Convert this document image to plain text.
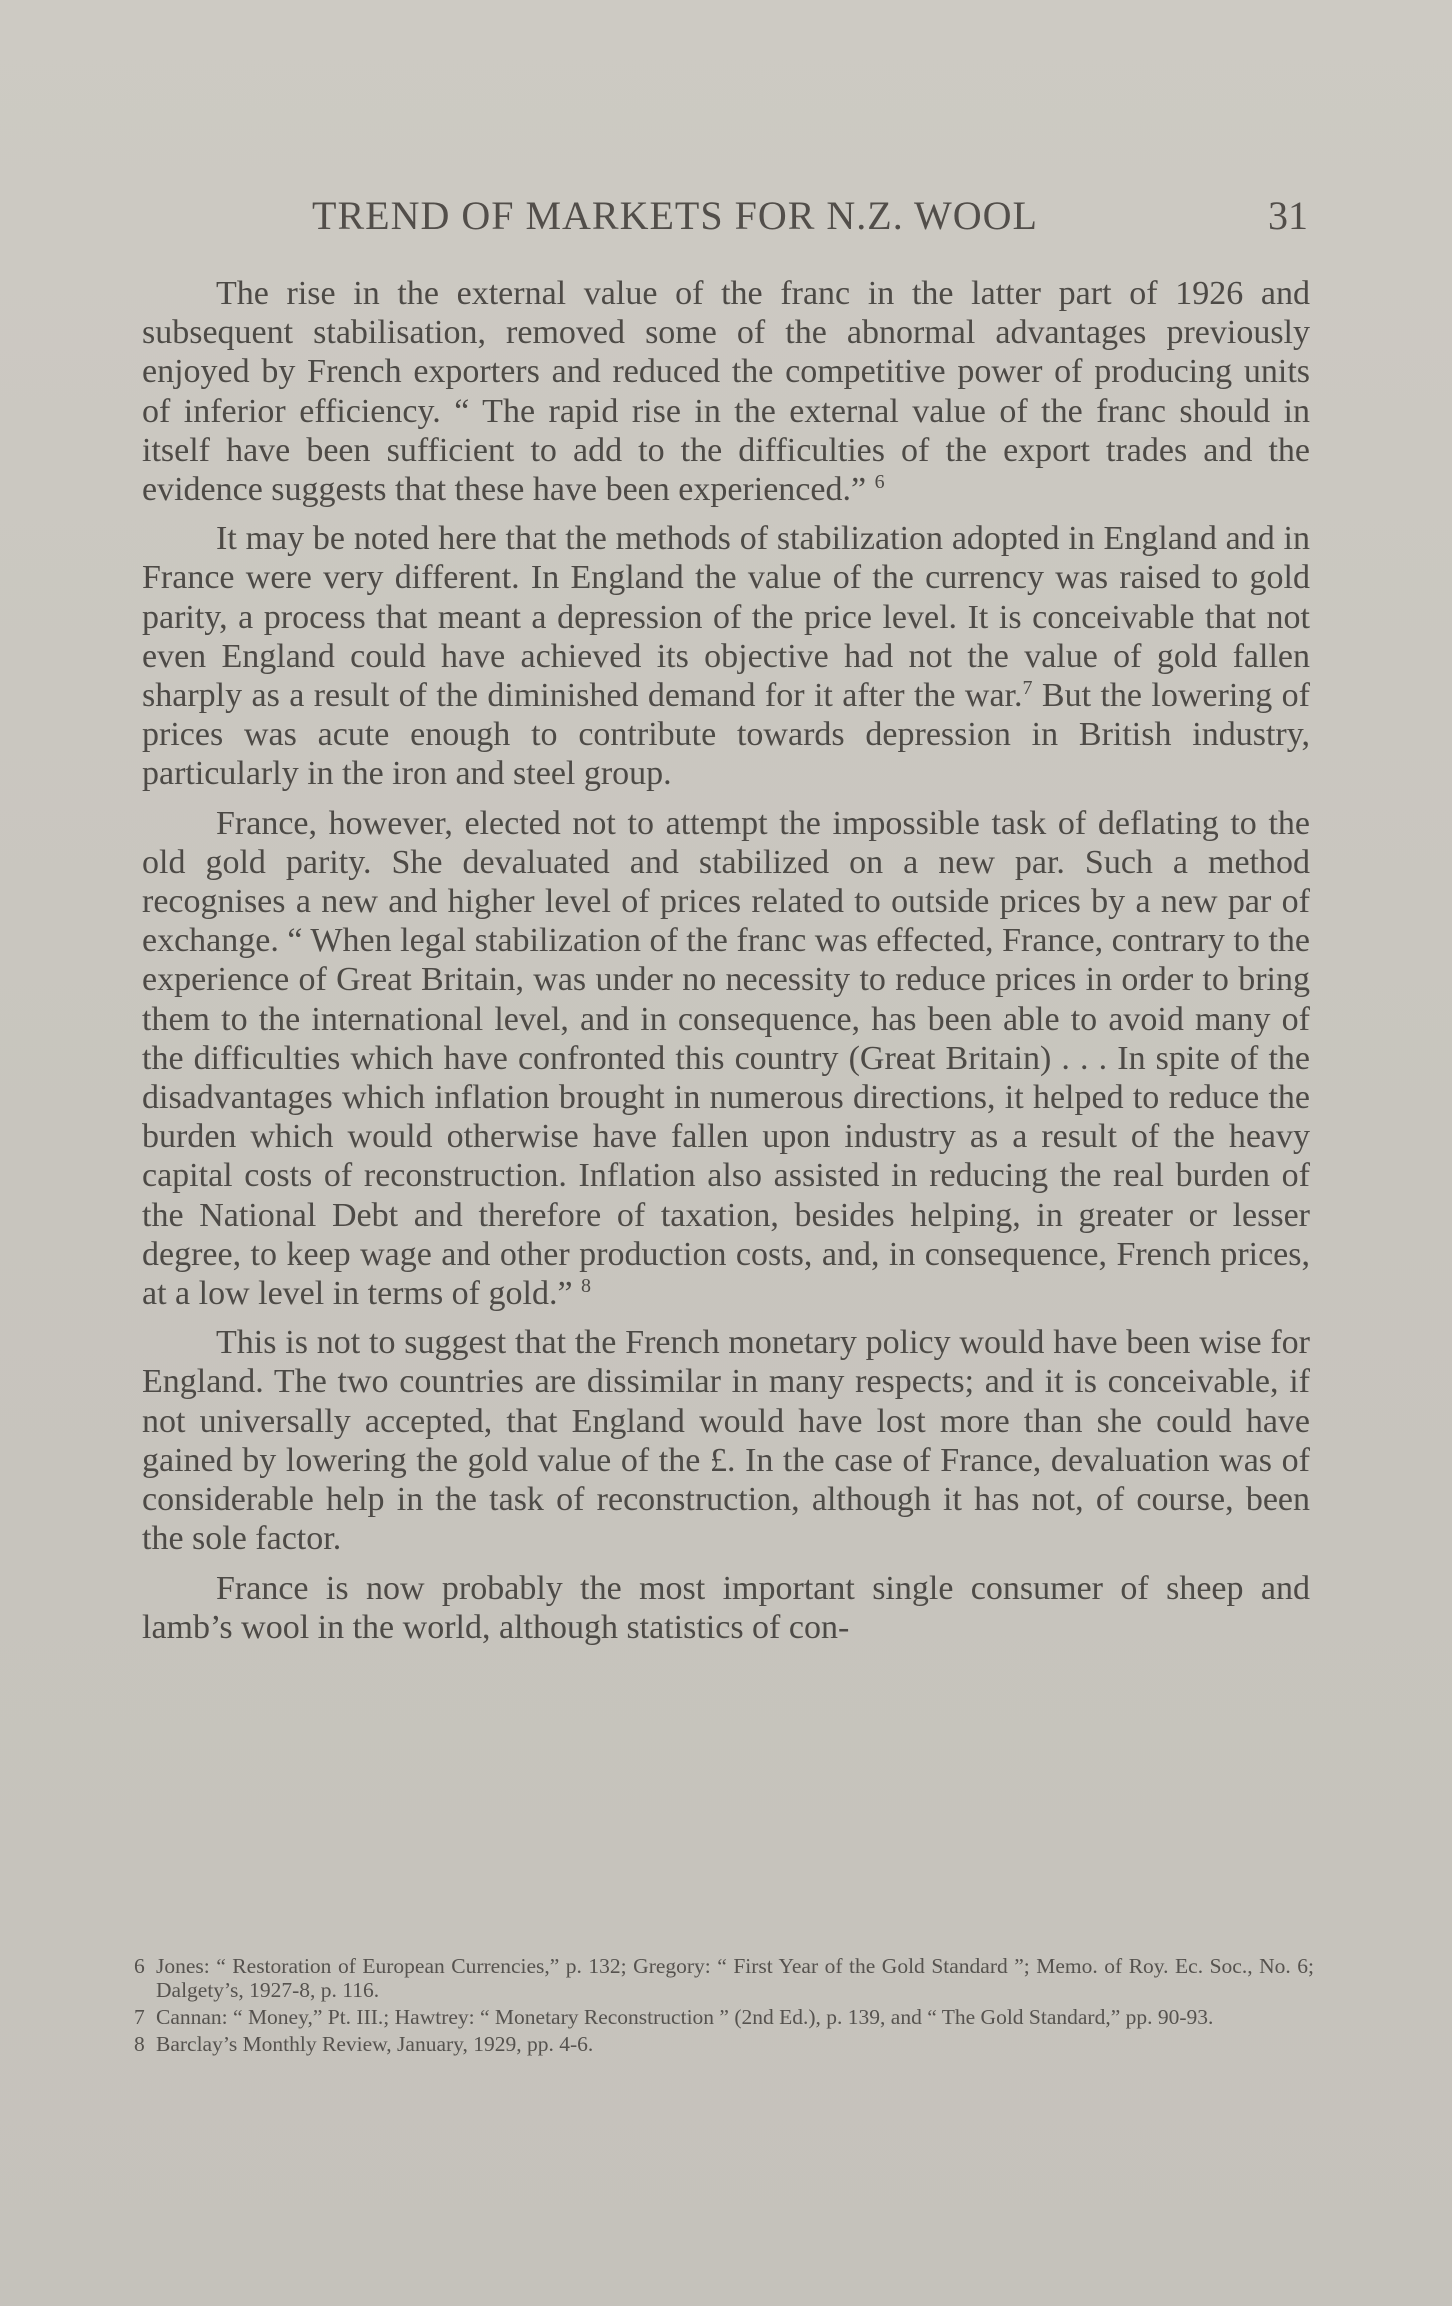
TREND OF MARKETS FOR N.Z. WOOL	31

The rise in the external value of the franc in the latter part of 1926 and subsequent stabilisation, removed some of the abnormal advantages previously enjoyed by French exporters and reduced the competitive power of producing units of inferior efficiency. “ The rapid rise in the external value of the franc should in itself have been sufficient to add to the difficulties of the export trades and the evidence suggests that these have been experienced.” $^6$

It may be noted here that the methods of stabilization adopted in England and in France were very different. In England the value of the currency was raised to gold parity, a process that meant a depression of the price level. It is conceivable that not even England could have achieved its objective had not the value of gold fallen sharply as a result of the diminished demand for it after the war.$^7$ But the lowering of prices was acute enough to contribute towards depression in British industry, particularly in the iron and steel group.

France, however, elected not to attempt the impossible task of deflating to the old gold parity. She devaluated and stabilized on a new par. Such a method recognises a new and higher level of prices related to outside prices by a new par of exchange. “ When legal stabilization of the franc was effected, France, contrary to the experience of Great Britain, was under no necessity to reduce prices in order to bring them to the international level, and in consequence, has been able to avoid many of the difficulties which have confronted this country (Great Britain) . . . In spite of the disadvantages which inflation brought in numerous directions, it helped to reduce the burden which would otherwise have fallen upon industry as a result of the heavy capital costs of reconstruction. Inflation also assisted in reducing the real burden of the National Debt and therefore of taxation, besides helping, in greater or lesser degree, to keep wage and other production costs, and, in consequence, French prices, at a low level in terms of gold.” $^8$

This is not to suggest that the French monetary policy would have been wise for England. The two countries are dissimilar in many respects; and it is conceivable, if not universally accepted, that England would have lost more than she could have gained by lowering the gold value of the £. In the case of France, devaluation was of considerable help in the task of reconstruction, although it has not, of course, been the sole factor.

France is now probably the most important single consumer of sheep and lamb’s wool in the world, although statistics of con-

6 Jones: “ Restoration of European Currencies,” p. 132; Gregory: “ First Year of the Gold Standard ”; Memo. of Roy. Ec. Soc., No. 6; Dalgety’s, 1927-8, p. 116.
7 Cannan: “ Money,” Pt. III.; Hawtrey: “ Monetary Reconstruction ” (2nd Ed.), p. 139, and “ The Gold Standard,” pp. 90-93.
8 Barclay’s Monthly Review, January, 1929, pp. 4-6.
